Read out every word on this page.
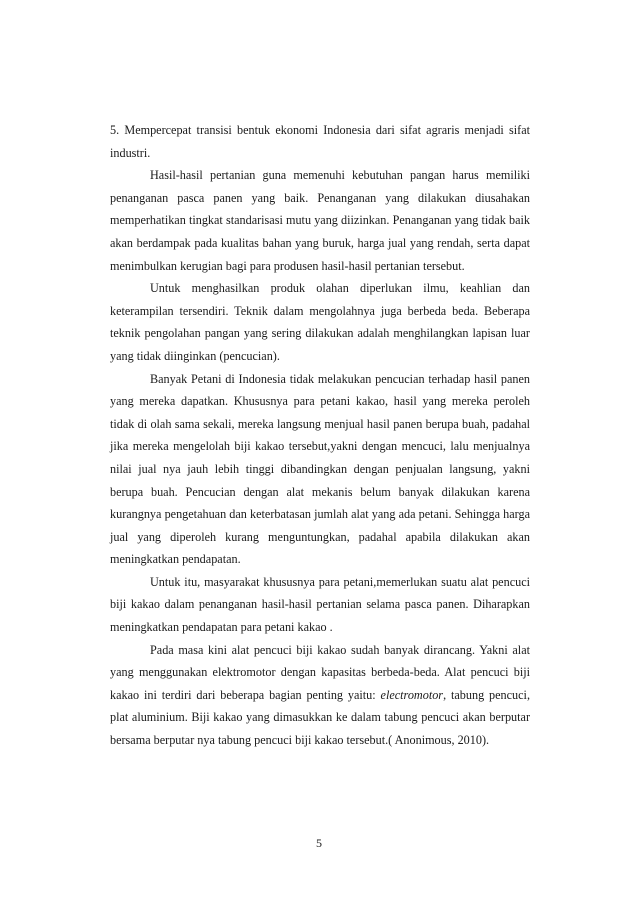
5. Mempercepat transisi bentuk ekonomi Indonesia dari sifat agraris menjadi sifat industri.

Hasil-hasil pertanian guna memenuhi kebutuhan pangan harus memiliki penanganan pasca panen yang baik. Penanganan yang dilakukan diusahakan memperhatikan tingkat standarisasi mutu yang diizinkan. Penanganan yang tidak baik akan berdampak pada kualitas bahan yang buruk, harga jual yang rendah, serta dapat menimbulkan kerugian bagi para produsen hasil-hasil pertanian tersebut.

Untuk menghasilkan produk olahan diperlukan ilmu, keahlian dan keterampilan tersendiri. Teknik dalam mengolahnya juga berbeda beda. Beberapa teknik pengolahan pangan yang sering dilakukan adalah menghilangkan lapisan luar yang tidak diinginkan (pencucian).

Banyak Petani di Indonesia tidak melakukan pencucian terhadap hasil panen yang mereka dapatkan. Khususnya para petani kakao, hasil yang mereka peroleh tidak di olah sama sekali, mereka langsung menjual hasil panen berupa buah, padahal jika mereka mengelolah biji kakao tersebut,yakni dengan mencuci, lalu menjualnya nilai jual nya jauh lebih tinggi dibandingkan dengan penjualan langsung, yakni berupa buah. Pencucian dengan alat mekanis belum banyak dilakukan karena kurangnya pengetahuan dan keterbatasan jumlah alat yang ada petani. Sehingga harga jual yang diperoleh kurang menguntungkan, padahal apabila dilakukan akan meningkatkan pendapatan.

Untuk itu, masyarakat khususnya para petani,memerlukan suatu alat pencuci biji kakao dalam penanganan hasil-hasil pertanian selama pasca panen. Diharapkan meningkatkan pendapatan para petani kakao .

Pada masa kini alat pencuci biji kakao sudah banyak dirancang. Yakni alat yang menggunakan elektromotor dengan kapasitas berbeda-beda. Alat pencuci biji kakao ini terdiri dari beberapa bagian penting yaitu: electromotor, tabung pencuci, plat aluminium. Biji kakao yang dimasukkan ke dalam tabung pencuci akan berputar bersama berputar nya tabung pencuci biji kakao tersebut.( Anonimous, 2010).

5
